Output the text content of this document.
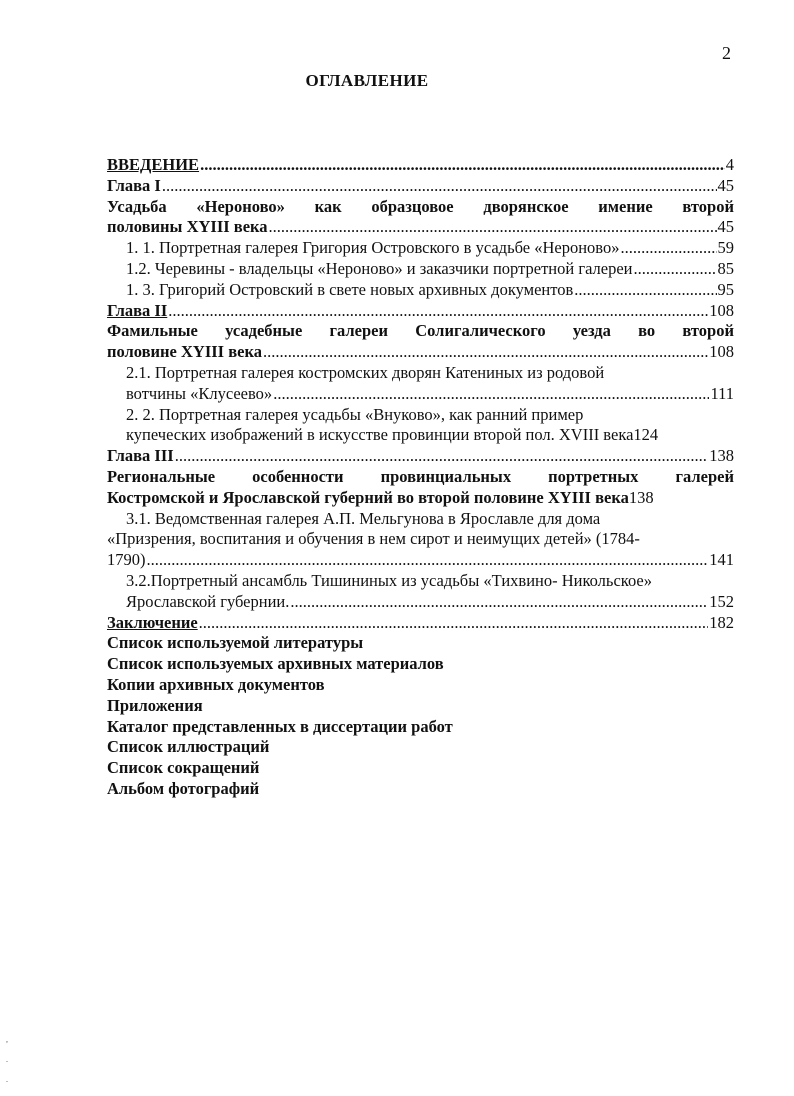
2
ОГЛАВЛЕНИЕ
ВВЕДЕНИЕ .....	4
Глава I .....	45
Усадьба «Нероново» как образцовое дворянское имение второй
половины XYIII века .....	45
1. 1. Портретная галерея Григория Островского в усадьбе «Нероново» .....	59
1.2. Черевины - владельцы «Нероново» и заказчики портретной галереи .....	85
1. 3. Григорий Островский в свете новых архивных документов .....	95
Глава II .....	108
Фамильные усадебные галереи Солигалического уезда во второй
половине XYIII века .....	108
2.1. Портретная галерея костромских дворян Катениных из родовой
вотчины «Клусеево» .....	111
2. 2. Портретная галерея усадьбы «Внуково», как ранний пример
купеческих изображений в искусстве провинции второй пол. XVIII века 124
Глава III .....	138
Региональные особенности провинциальных портретных галерей
Костромской и Ярославской губерний во второй половине XYIII века 138
3.1. Ведомственная галерея А.П. Мельгунова в Ярославле для дома
«Призрения, воспитания и обучения в нем сирот и неимущих детей» (1784-
1790) .....	141
3.2.Портретный ансамбль Тишининых из усадьбы «Тихвино- Никольское»
Ярославской губернии. .....	152
Заключение .....	182
Список используемой литературы
Список используемых архивных материалов
Копии архивных документов
Приложения
Каталог представленных в диссертации работ
Список иллюстраций
Список сокращений
Альбом фотографий
,
.
.
